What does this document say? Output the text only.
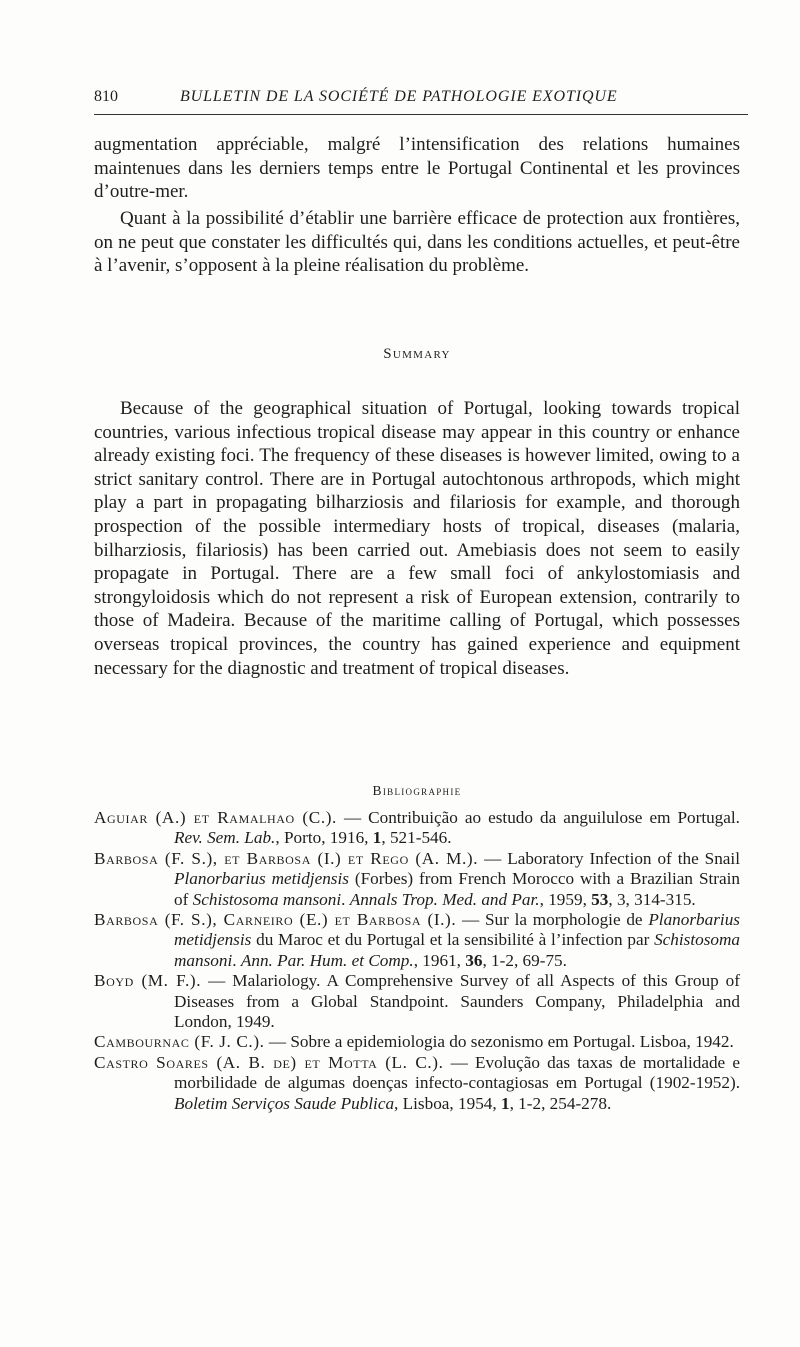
810	BULLETIN DE LA SOCIÉTÉ DE PATHOLOGIE EXOTIQUE

augmentation appréciable, malgré l’intensification des relations humaines maintenues dans les derniers temps entre le Portugal Continental et les provinces d’outre-mer.

Quant à la possibilité d’établir une barrière efficace de protection aux frontières, on ne peut que constater les difficultés qui, dans les conditions actuelles, et peut-être à l’avenir, s’opposent à la pleine réalisation du problème.

Summary

Because of the geographical situation of Portugal, looking towards tropical countries, various infectious tropical disease may appear in this country or enhance already existing foci. The frequency of these diseases is however limited, owing to a strict sanitary control. There are in Portugal autochtonous arthropods, which might play a part in propagating bilharziosis and filariosis for example, and thorough prospection of the possible intermediary hosts of tropical, diseases (malaria, bilharziosis, filariosis) has been carried out. Amebiasis does not seem to easily propagate in Portugal. There are a few small foci of ankylostomiasis and strongyloidosis which do not represent a risk of European extension, contrarily to those of Madeira. Because of the maritime calling of Portugal, which possesses overseas tropical provinces, the country has gained experience and equipment necessary for the diagnostic and treatment of tropical diseases.

Bibliographie

Aguiar (A.) et Ramalhao (C.). — Contribuição ao estudo da anguilulose em Portugal. Rev. Sem. Lab., Porto, 1916, 1, 521-546.

Barbosa (F. S.), et Barbosa (I.) et Rego (A. M.). — Laboratory Infection of the Snail Planorbarius metidjensis (Forbes) from French Morocco with a Brazilian Strain of Schistosoma mansoni. Annals Trop. Med. and Par., 1959, 53, 3, 314-315.

Barbosa (F. S.), Carneiro (E.) et Barbosa (I.). — Sur la morphologie de Planorbarius metidjensis du Maroc et du Portugal et la sensibilité à l’infection par Schistosoma mansoni. Ann. Par. Hum. et Comp., 1961, 36, 1-2, 69-75.

Boyd (M. F.). — Malariology. A Comprehensive Survey of all Aspects of this Group of Diseases from a Global Standpoint. Saunders Company, Philadelphia and London, 1949.

Cambournac (F. J. C.). — Sobre a epidemiologia do sezonismo em Portugal. Lisboa, 1942.

Castro Soares (A. B. de) et Motta (L. C.). — Evolução das taxas de mortalidade e morbilidade de algumas doenças infecto-contagiosas em Portugal (1902-1952). Boletim Serviços Saude Publica, Lisboa, 1954, 1, 1-2, 254-278.
